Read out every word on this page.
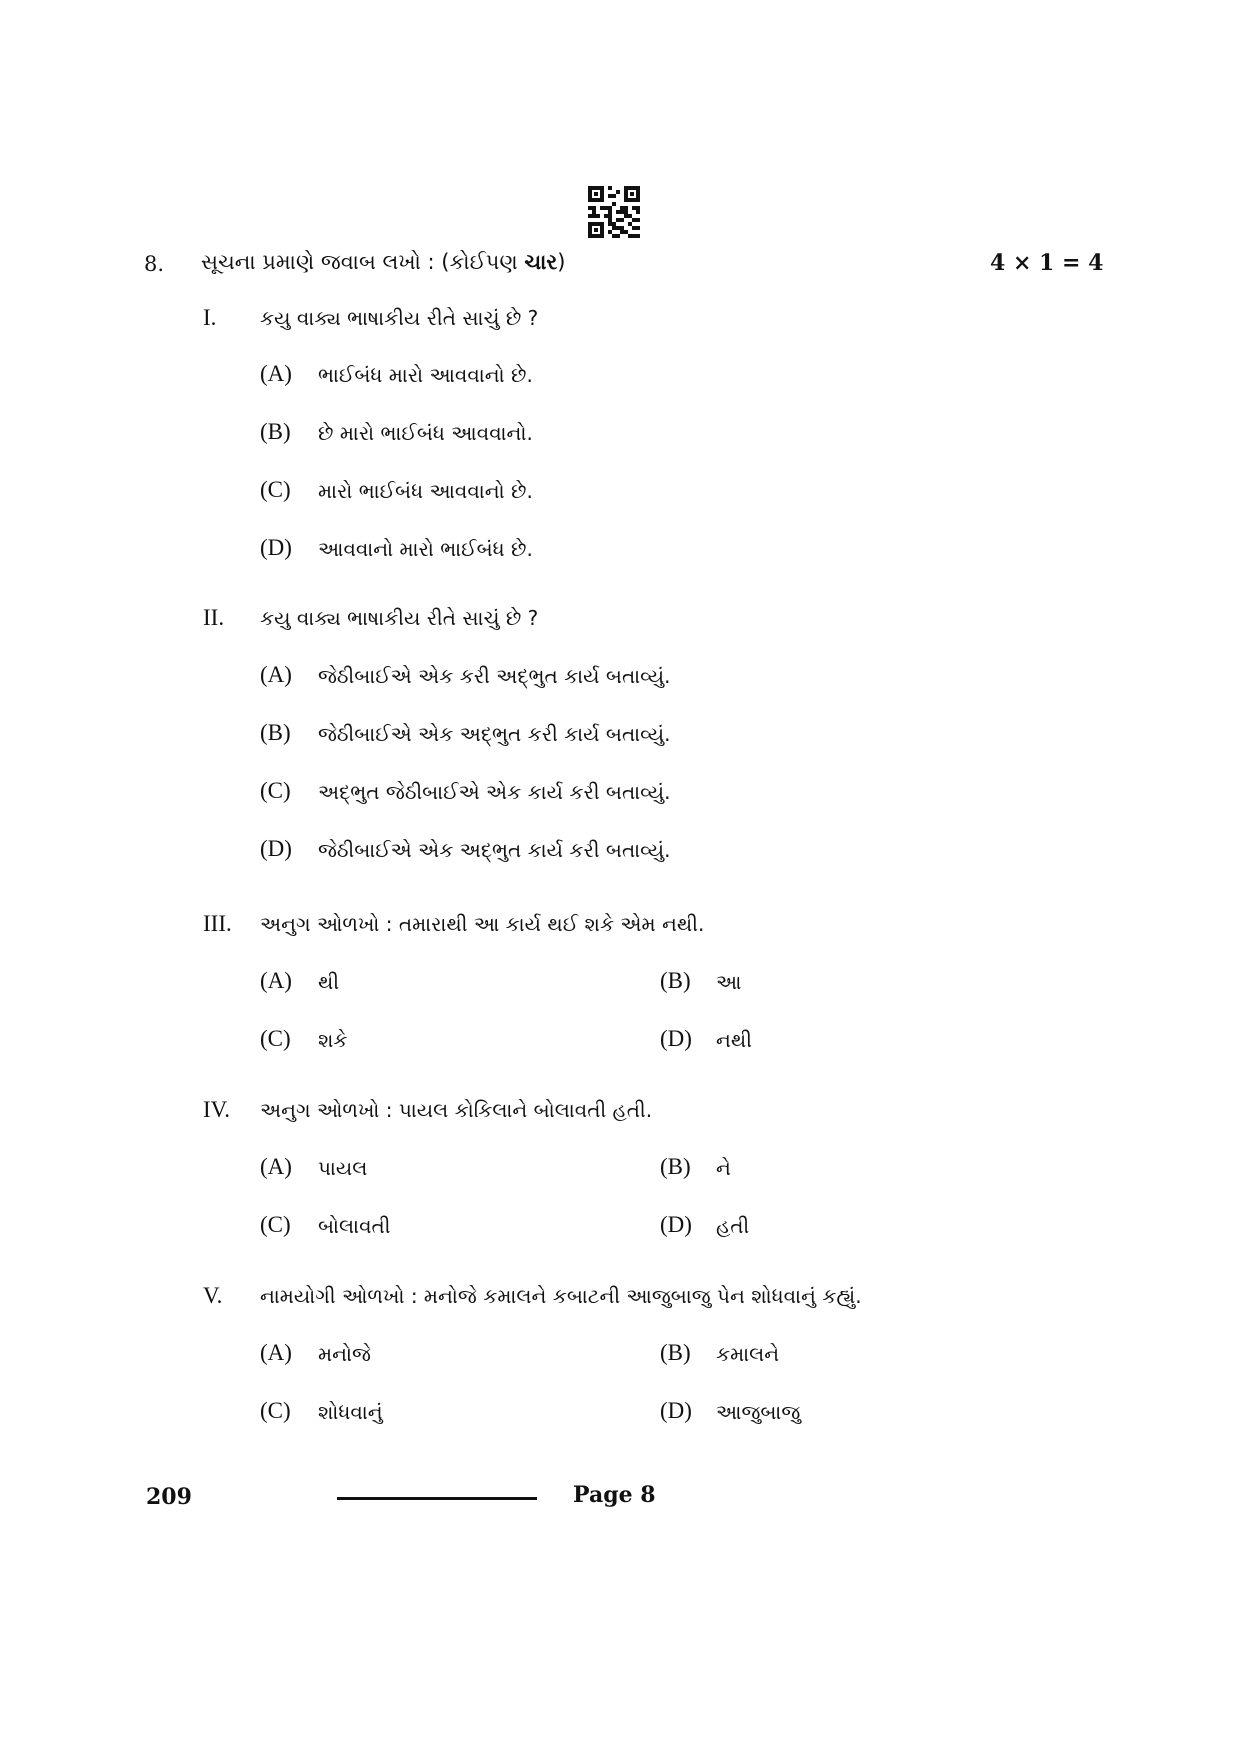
8. સૂચના પ્રમાણે જવાબ લખો : (કોઈપણ ચાર)	4 × 1 = 4
I. કયુ વાક્ય ભાષાકીય રીતે સાચું છે ?
(A) ભાઈબંધ મારો આવવાનો છે.
(B) છે મારો ભાઈબંધ આવવાનો.
(C) મારો ભાઈબંધ આવવાનો છે.
(D) આવવાનો મારો ભાઈબંધ છે.
II. કયુ વાક્ય ભાષાકીય રીતે સાચું છે ?
(A) જેઠીબાઈએ એક કરી અદ્ભુત કાર્ય બતાવ્યું.
(B) જેઠીબાઈએ એક અદ્ભુત કરી કાર્ય બતાવ્યું.
(C) અદ્ભુત જેઠીબાઈએ એક કાર્ય કરી બતાવ્યું.
(D) જેઠીબાઈએ એક અદ્ભુત કાર્ય કરી બતાવ્યું.
III. અનુગ ઓળખો : તમારાથી આ કાર્ય થઈ શકે એમ નથી.
(A) થી	(B) આ
(C) શકે	(D) નથી
IV. અનુગ ઓળખો : પાયલ કોકિલાને બોલાવતી હતી.
(A) પાયલ	(B) ને
(C) બોલાવતી	(D) હતી
V. નામયોગી ઓળખો : મનોજે કમાલને કબાટની આજુબાજુ પેન શોધવાનું કહ્યું.
(A) મનોજે	(B) કમાલને
(C) શોધવાનું	(D) આજુબાજુ
209	Page 8
